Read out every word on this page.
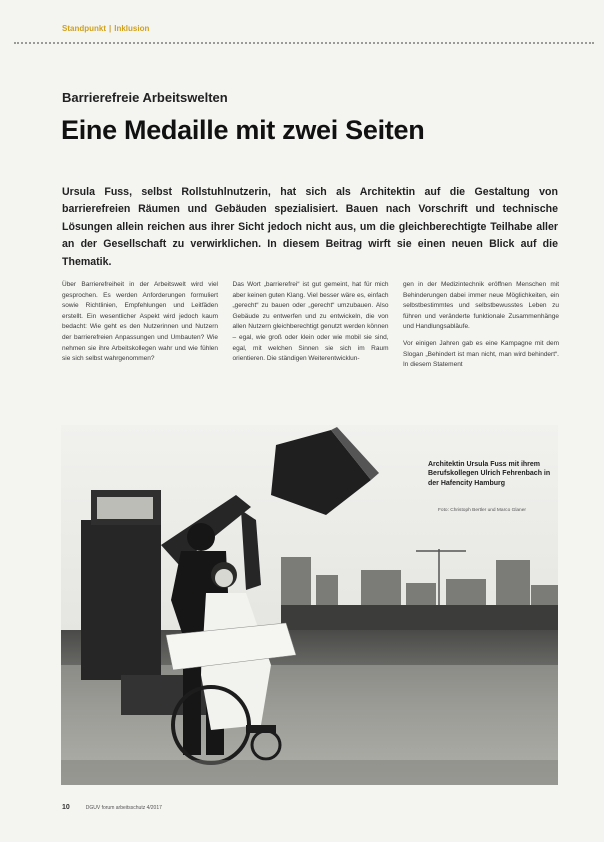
Standpunkt | Inklusion
Barrierefreie Arbeitswelten
Eine Medaille mit zwei Seiten

Ursula Fuss, selbst Rollstuhlnutzerin, hat sich als Architektin auf die Gestaltung von barrierefreien Räumen und Gebäuden spezialisiert. Bauen nach Vorschrift und technische Lösungen allein reichen aus ihrer Sicht jedoch nicht aus, um die gleichberechtigte Teilhabe aller an der Gesellschaft zu verwirklichen. In diesem Beitrag wirft sie einen neuen Blick auf die Thematik.

Über Barrierefreiheit in der Arbeitswelt wird viel gesprochen. Es werden Anforderungen formuliert sowie Richtlinien, Empfehlungen und Leitfäden erstellt. Ein wesentlicher Aspekt wird jedoch kaum bedacht: Wie geht es den Nutzerinnen und Nutzern der barrierefreien Anpassungen und Umbauten? Wie nehmen sie ihre Arbeitskollegen wahr und wie fühlen sie sich selbst wahrgenommen?

Das Wort „barrierefrei“ ist gut gemeint, hat für mich aber keinen guten Klang. Viel besser wäre es, einfach „gerecht“ zu bauen oder „gerecht“ umzubauen. Also Gebäude zu entwerfen und zu entwickeln, die von allen Nutzern gleichberechtigt genutzt werden können – egal, wie groß oder klein oder wie mobil sie sind, egal, mit welchen Sinnen sie sich im Raum orientieren. Die ständigen Weiterentwicklun-

gen in der Medizintechnik eröffnen Menschen mit Behinderungen dabei immer neue Möglichkeiten, ein selbstbestimmtes und selbstbewusstes Leben zu führen und veränderte funktionale Zusammenhänge und Handlungsabläufe.

Vor einigen Jahren gab es eine Kampagne mit dem Slogan „Behindert ist man nicht, man wird behindert“. In diesem Statement

Architektin Ursula Fuss mit ihrem Berufskollegen Ulrich Fehrenbach in der Hafencity Hamburg
Foto: Christoph Bertler und Marco Glaner
10	DGUV forum arbeitsschutz 4/2017
